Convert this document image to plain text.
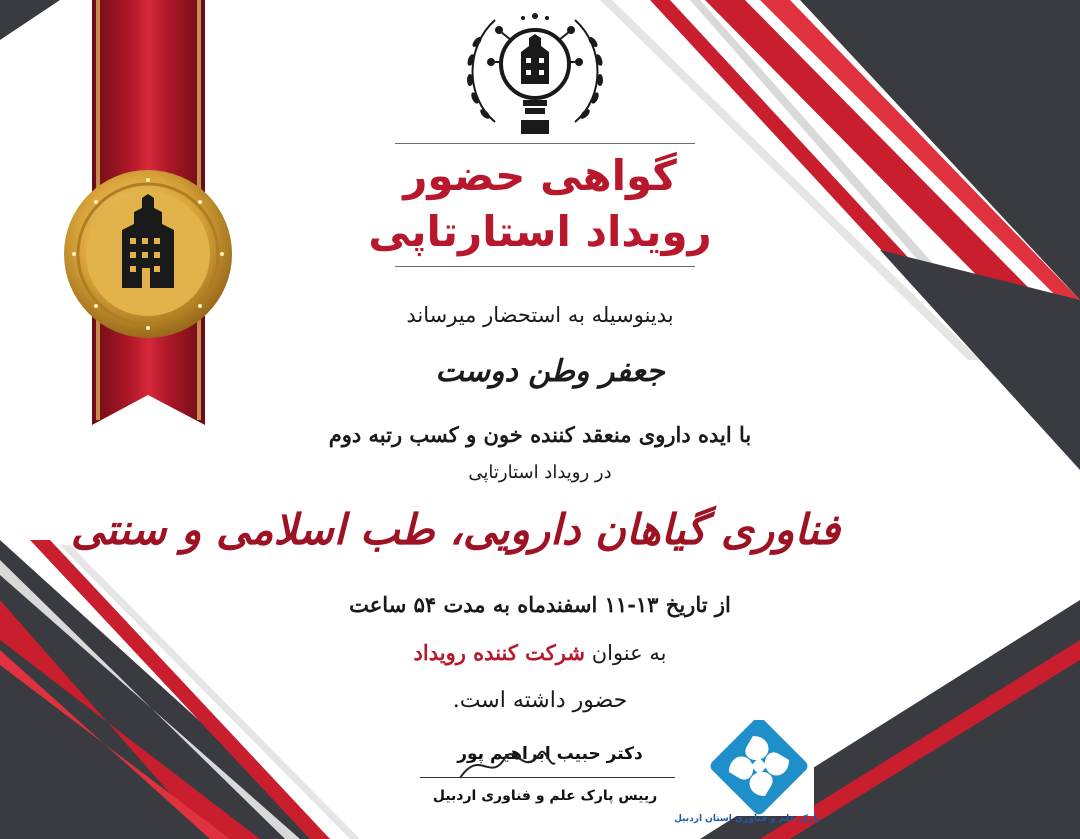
گواهی حضور
رویداد استارتاپی
بدینوسیله به استحضار میرساند
جعفر وطن دوست
با ایده داروی منعقد کننده خون و کسب رتبه دوم
در رویداد استارتاپی
فناوری گیاهان دارویی، طب اسلامی و سنتی
از تاریخ ۱۳-۱۱ اسفندماه به مدت ۵۴ ساعت
به عنوان شرکت کننده رویداد
حضور داشته است.
دکتر حبیب ابراهیم پور
رییس پارک علم و فناوری اردبیل
پارک علم و فناوری استان اردبیل
